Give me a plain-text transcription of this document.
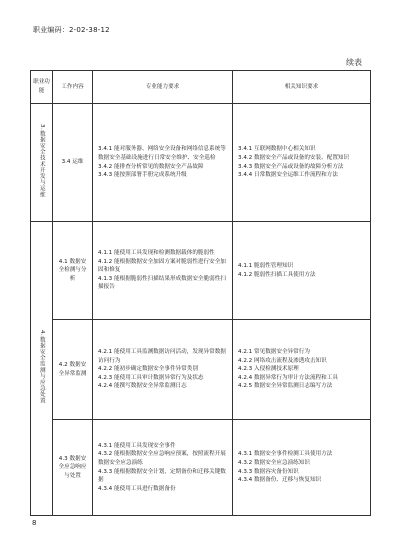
职业编码：2-02-38-12
续表
职业功能	工作内容	专业能力要求	相关知识要求
3.数据安全技术开发与运维	3.4 运维	3.4.1 能对服务器、网络安全设备和网络信息系统等数据安全基础设施进行日常安全维护、安全巡检
3.4.2 能排查分析常见的数据安全产品故障
3.4.3 能按照部署手册完成系统升级	3.4.1 互联网数据中心相关知识
3.4.2 数据安全产品或设备的安装、配置知识
3.4.3 数据安全产品或设备的故障分析方法
3.4.4 日常数据安全运维工作流程和方法

4.数据安全监测与应急处置	4.1 数据安全检测与分析	4.1.1 能使用工具发现和检测数据载体的脆弱性
4.1.2 能根据数据安全加固方案对脆弱性进行安全加固和修复
4.1.3 能根据脆弱性扫描结果形成数据安全脆弱性扫描报告	4.1.1 脆弱性管理知识
4.1.2 脆弱性扫描工具使用方法

	4.2 数据安全异常监测	4.2.1 能使用工具监测数据访问活动，发现异常数据访问行为
4.2.2 能初步确定数据安全事件异常类别
4.2.3 能使用工具审计数据异常行为及状态
4.2.4 能撰写数据安全异常监测日志	4.2.1 常见数据安全异常行为
4.2.2 网络攻击流程及渗透攻击知识
4.2.3 入侵检测技术原理
4.2.4 数据异常行为审计方法流程和工具
4.2.5 数据安全异常监测日志编写方法

	4.3 数据安全应急响应与处置	4.3.1 能使用工具发现安全事件
4.3.2 能根据数据安全应急响应预案，按照流程开展数据安全应急演练
4.3.3 能根据数据安全计划，定期备份和迁移关键数据
4.3.4 能使用工具进行数据备份	4.3.1 数据安全事件检测工具使用方法
4.3.2 数据安全应急演练知识
4.3.3 数据容灾备份知识
4.3.4 数据备份、迁移与恢复知识
8
